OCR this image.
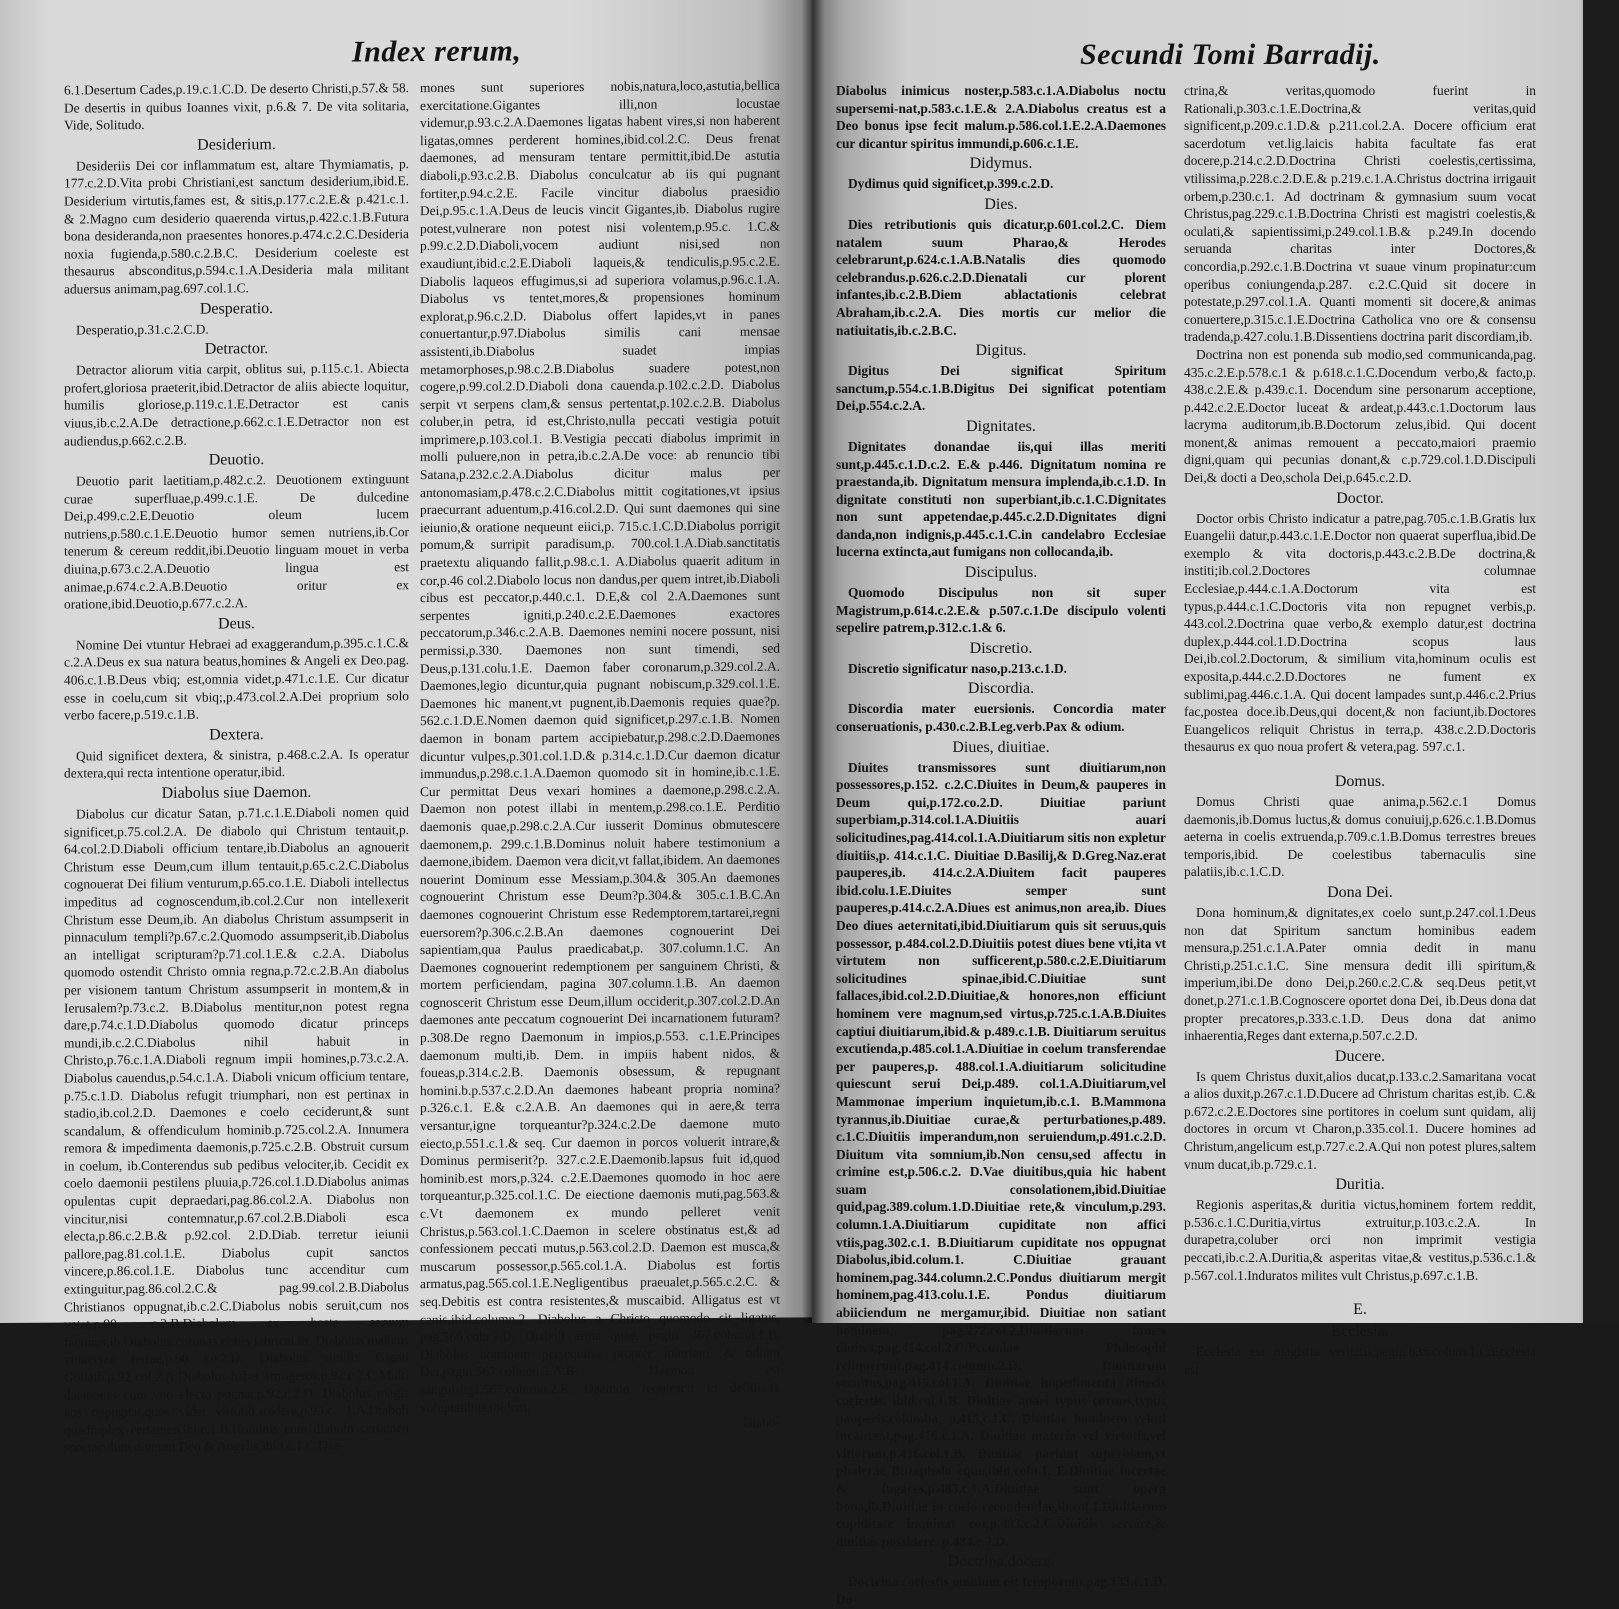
Index rerum,

6.1.Desertum Cades,p.19.c.1.C.D. De deserto Christi,p.57.& 58. De desertis in quibus Ioannes vixit, p.6.& 7. De vita solitaria, Vide, Solitudo.

Desiderium.

Desideriis Dei cor inflammatum est, altare Thymiamatis, p. 177.c.2.D.Vita probi Christiani,est sanctum desiderium,ibid.E. Desiderium virtutis,fames est, & sitis,p.177.c.2.E.& p.421.c.1. & 2.Magno cum desiderio quaerenda virtus,p.422.c.1.B.Futura bona desideranda,non praesentes honores.p.474.c.2.C.Desideria noxia fugienda,p.580.c.2.B.C. Desiderium coeleste est thesaurus absconditus,p.594.c.1.A.Desideria mala militant aduersus animam,pag.697.col.1.C.

Desperatio.

Desperatio,p.31.c.2.C.D.

Detractor.

Detractor aliorum vitia carpit, oblitus sui, p.115.c.1. Abiecta profert,gloriosa praeterit,ibid.Detractor de aliis abiecte loquitur, humilis gloriose,p.119.c.1.E.Detractor est canis viuus,ib.c.2.A.De detractione,p.662.c.1.E.Detractor non est audiendus,p.662.c.2.B.

Deuotio.

Deuotio parit laetitiam,p.482.c.2. Deuotionem extinguunt curae superfluae,p.499.c.1.E. De dulcedine Dei,p.499.c.2.E.Deuotio oleum lucem nutriens,p.580.c.1.E.Deuotio humor semen nutriens,ib.Cor tenerum & cereum reddit,ibi.Deuotio linguam mouet in verba diuina,p.673.c.2.A.Deuotio lingua est animae,p.674.c.2.A.B.Deuotio oritur ex oratione,ibid.Deuotio,p.677.c.2.A.

Deus.

Nomine Dei vtuntur Hebraei ad exaggerandum,p.395.c.1.C.& c.2.A.Deus ex sua natura beatus,homines & Angeli ex Deo.pag. 406.c.1.B.Deus vbiq; est,omnia videt,p.471.c.1.E. Cur dicatur esse in coelu,cum sit vbiq;,p.473.col.2.A.Dei proprium solo verbo facere,p.519.c.1.B.

Dextera.

Quid significet dextera, & sinistra, p.468.c.2.A. Is operatur dextera,qui recta intentione operatur,ibid.

Diabolus siue Daemon.

Diabolus cur dicatur Satan, p.71.c.1.E.Diaboli nomen quid significet,p.75.col.2.A. De diabolo qui Christum tentauit,p. 64.col.2.D.Diaboli officium tentare,ib.Diabolus an agnouerit Christum esse Deum,cum illum tentauit,p.65.c.2.C.Diabolus cognouerat Dei filium venturum,p.65.co.1.E. Diaboli intellectus impeditus ad cognoscendum,ib.col.2.Cur non intellexerit Christum esse Deum,ib. An diabolus Christum assumpserit in pinnaculum templi?p.67.c.2.Quomodo assumpserit,ib.Diabolus an intelligat scripturam?p.71.col.1.E.& c.2.A. Diabolus quomodo ostendit Christo omnia regna,p.72.c.2.B.An diabolus per visionem tantum Christum assumpserit in montem,& in Ierusalem?p.73.c.2. B.Diabolus mentitur,non potest regna dare,p.74.c.1.D.Diabolus quomodo dicatur princeps mundi,ib.c.2.C.Diabolus nihil habuit in Christo,p.76.c.1.A.Diaboli regnum impii homines,p.73.c.2.A. Diabolus cauendus,p.54.c.1.A. Diaboli vnicum officium tentare, p.75.c.1.D. Diabolus refugit triumphari, non est pertinax in stadio,ib.col.2.D. Daemones e coelo ceciderunt,& sunt scandalum, & offendiculum hominib.p.725.col.2.A. Innumera remora & impedimenta daemonis,p.725.c.2.B. Obstruit cursum in coelum, ib.Conterendus sub pedibus velociter,ib. Cecidit ex coelo daemonii pestilens pluuia,p.726.col.1.D.Diabolus animas opulentas cupit depraedari,pag.86.col.2.A. Diabolus non vincitur,nisi contemnatur,p.67.col.2.B.Diaboli esca electa,p.86.c.2.B.& p.92.col. 2.D.Diab. terretur ieiunii pallore,pag.81.col.1.E. Diabolus cupit sanctos vincere,p.86.col.1.E. Diabolus tunc accenditur cum extinguitur,pag.86.col.2.C.& pag.99.col.2.B.Diabolus Christianos oppugnat,ib.c.2.C.Diabolus nobis seruit,cum nos vetat,p.90. c.2.B.Diabolum ex hoste seruum facimus,ib.Diabolus coronas nobis fabricat,ib. Diabolus malleus vniuersae terrae,p.90 co.2.D. Diabolus similis Gigati Goliath,p.92 col.2.A.Diabolus habet armigeros,p.92.c.2.C.Multi daemones cum vno electo pugnat,p.92.c.2.D. Diabolus magis eos oppugnat,quos videt virtutib.studere,p.93.c. 1.A.Diaboli quadruplex certamen,ibi.c.1.B.Hominis cum diabolo certamen spectaculum dignum Deo & Angelis,ibid.c.1.C.Dae-

mones sunt superiores nobis,natura,loco,astutia,bellica exercitatione.Gigantes illi,non locustae videmur,p.93.c.2.A.Daemones ligatas habent vires,si non haberent ligatas,omnes perderent homines,ibid.col.2.C. Deus frenat daemones, ad mensuram tentare permittit,ibid.De astutia diaboli,p.93.c.2.B. Diabolus conculcatur ab iis qui pugnant fortiter,p.94.c.2.E. Facile vincitur diabolus praesidio Dei,p.95.c.1.A.Deus de leucis vincit Gigantes,ib. Diabolus rugire potest,vulnerare non potest nisi volentem,p.95.c. 1.C.& p.99.c.2.D.Diaboli,vocem audiunt nisi,sed non exaudiunt,ibid.c.2.E.Diaboli laqueis,& tendiculis,p.95.c.2.E. Diabolis laqueos effugimus,si ad superiora volamus,p.96.c.1.A. Diabolus vs tentet,mores,& propensiones hominum explorat,p.96.c.2.D. Diabolus offert lapides,vt in panes conuertantur,p.97.Diabolus similis cani mensae assistenti,ib.Diabolus suadet impias metamorphoses,p.98.c.2.B.Diabolus suadere potest,non cogere,p.99.col.2.D.Diaboli dona cauenda.p.102.c.2.D. Diabolus serpit vt serpens clam,& sensus pertentat,p.102.c.2.B. Diabolus coluber,in petra, id est,Christo,nulla peccati vestigia potuit imprimere,p.103.col.1. B.Vestigia peccati diabolus imprimit in molli puluere,non in petra,ib.c.2.A.De voce: ab renuncio tibi Satana,p.232.c.2.A.Diabolus dicitur malus per antonomasiam,p.478.c.2.C.Diabolus mittit cogitationes,vt ipsius praecurrant aduentum,p.416.col.2.D. Qui sunt daemones qui sine ieiunio,& oratione nequeunt eiici,p. 715.c.1.C.D.Diabolus porrigit pomum,& surripit paradisum,p. 700.col.1.A.Diab.sanctitatis praetextu aliquando fallit,p.98.c.1. A.Diabolus quaerit aditum in cor,p.46 col.2.Diabolo locus non dandus,per quem intret,ib.Diaboli cibus est peccator,p.440.c.1. D.E,& col 2.A.Daemones sunt serpentes igniti,p.240.c.2.E.Daemones exactores peccatorum,p.346.c.2.A.B. Daemones nemini nocere possunt, nisi permissi,p.330. Daemones non sunt timendi, sed Deus,p.131.colu.1.E. Daemon faber coronarum,p.329.col.2.A. Daemones,legio dicuntur,quia pugnant nobiscum,p.329.col.1.E. Daemones hic manent,vt pugnent,ib.Daemonis requies quae?p. 562.c.1.D.E.Nomen daemon quid significet,p.297.c.1.B. Nomen daemon in bonam partem accipiebatur,p.298.c.2.D.Daemones dicuntur vulpes,p.301.col.1.D.& p.314.c.1.D.Cur daemon dicatur immundus,p.298.c.1.A.Daemon quomodo sit in homine,ib.c.1.E. Cur permittat Deus vexari homines a daemone,p.298.c.2.A. Daemon non potest illabi in mentem,p.298.co.1.E. Perditio daemonis quae,p.298.c.2.A.Cur iusserit Dominus obmutescere daemonem,p. 299.c.1.B.Dominus noluit habere testimonium a daemone,ibidem. Daemon vera dicit,vt fallat,ibidem. An daemones nouerint Dominum esse Messiam,p.304.& 305.An daemones cognouerint Christum esse Deum?p.304.& 305.c.1.B.C.An daemones cognouerint Christum esse Redemptorem,tartarei,regni euersorem?p.306.c.2.B.An daemones cognouerint Dei sapientiam,qua Paulus praedicabat,p. 307.column.1.C. An Daemones cognouerint redemptionem per sanguinem Christi, & mortem perficiendam, pagina 307.column.1.B. An daemon cognoscerit Christum esse Deum,illum occiderit,p.307.col.2.D.An daemones ante peccatum cognouerint Dei incarnationem futuram?p.308.De regno Daemonum in impios,p.553. c.1.E.Principes daemonum multi,ib. Dem. in impiis habent nidos, & foueas,p.314.c.2.B. Daemonis obsessum, & repugnant homini.b.p.537.c.2.D.An daemones habeant propria nomina?p.326.c.1. E.& c.2.A.B. An daemones qui in aere,& terra versantur,igne torqueantur?p.324.c.2.De daemone muto eiecto,p.551.c.1.& seq. Cur daemon in porcos voluerit intrare,& Dominus permiserit?p. 327.c.2.E.Daemonib.lapsus fuit id,quod hominib.est mors,p.324. c.2.E.Daemones quomodo in hoc aere torqueantur,p.325.col.1.C. De eiectione daemonis muti,pag.563.& c.Vt daemonem ex mundo pelleret venit Christus,p.563.col.1.C.Daemon in scelere obstinatus est,& ad confessionem peccati mutus,p.563.col.2.D. Daemon est musca,& muscarum possessor,p.565.col.1.A. Diabolus est fortis armatus,pag.565.col.1.E.Negligentibus praeualet,p.565.c.2.C. & seq.Debitis est contra resistentes,& muscaibid. Alligatus est vt canis,ibid.column.2. Diabolus a Christo quomodo sit ligatus, pag.566.colu.2.D. Diaboli arma quae, pagin. 467.column.1.B. Diabolus hominem persequitur propter iniuriam, & odium Dei,pagin.567.column.2.A.B. Daemon est sanguisuga,567.column.2.E. Daemon requiescit in delitiis,& voluptatibus,ibidem.

Diabo-
Secundi Tomi Barradij.

Diabolus inimicus noster,p.583.c.1.A.Diabolus noctu supersemi-nat,p.583.c.1.E.& 2.A.Diabolus creatus est a Deo bonus ipse fecit malum.p.586.col.1.E.2.A.Daemones cur dicantur spiritus immundi,p.606.c.1.E.

Didymus.

Dydimus quid significet,p.399.c.2.D.

Dies.

Dies retributionis quis dicatur,p.601.col.2.C. Diem natalem suum Pharao,& Herodes celebrarunt,p.624.c.1.A.B.Natalis dies quomodo celebrandus.p.626.c.2.D.Dienatali cur plorent infantes,ib.c.2.B.Diem ablactationis celebrat Abraham,ib.c.2.A. Dies mortis cur melior die natiuitatis,ib.c.2.B.C.

Digitus.

Digitus Dei significat Spiritum sanctum,p.554.c.1.B.Digitus Dei significat potentiam Dei,p.554.c.2.A.

Dignitates.

Dignitates donandae iis,qui illas meriti sunt,p.445.c.1.D.c.2. E.& p.446. Dignitatum nomina re praestanda,ib. Dignitatum mensura implenda,ib.c.1.D. In dignitate constituti non superbiant,ib.c.1.C.Dignitates non sunt appetendae,p.445.c.2.D.Dignitates digni danda,non indignis,p.445.c.1.C.in candelabro Ecclesiae lucerna extincta,aut fumigans non collocanda,ib.

Discipulus.

Quomodo Discipulus non sit super Magistrum,p.614.c.2.E.& p.507.c.1.De discipulo volenti sepelire patrem,p.312.c.1.& 6.

Discretio.

Discretio significatur naso,p.213.c.1.D.

Discordia.

Discordia mater euersionis. Concordia mater conseruationis, p.430.c.2.B.Leg.verb.Pax & odium.

Diues, diuitiae.

Diuites transmissores sunt diuitiarum,non possessores,p.152. c.2.C.Diuites in Deum,& pauperes in Deum qui,p.172.co.2.D. Diuitiae pariunt superbiam,p.314.col.1.A.Diuitiis auari solicitudines,pag.414.col.1.A.Diuitiarum sitis non expletur diuitiis,p. 414.c.1.C. Diuitiae D.Basilij,& D.Greg.Naz.erat pauperes,ib. 414.c.2.A.Diuitem facit pauperes ibid.colu.1.E.Diuites semper sunt pauperes,p.414.c.2.A.Diues est animus,non area,ib. Diues Deo diues aeternitati,ibid.Diuitiarum quis sit seruus,quis possessor, p.484.col.2.D.Diuitiis potest diues bene vti,ita vt virtutem non sufficerent,p.580.c.2.E.Diuitiarum solicitudines spinae,ibid.C.Diuitiae sunt fallaces,ibid.col.2.D.Diuitiae,& honores,non efficiunt hominem vere magnum,sed virtus,p.725.c.1.A.B.Diuites captiui diuitiarum,ibid.& p.489.c.1.B. Diuitiarum seruitus excutienda,p.485.col.1.A.Diuitiae in coelum transferendae per pauperes,p. 488.col.1.A.diuitiarum solicitudine quiescunt serui Dei,p.489. col.1.A.Diuitiarum,vel Mammonae imperium inquietum,ib.c.1. B.Mammona tyrannus,ib.Diuitiae curae,& perturbationes,p.489. c.1.C.Diuitiis imperandum,non seruiendum,p.491.c.2.D. Diuitum vita somnium,ib.Non censu,sed affectu in crimine est,p.506.c.2. D.Vae diuitibus,quia hic habent suam consolationem,ibid.Diuitiae quid,pag.389.colum.1.D.Diuitiae rete,& vinculum,p.293. column.1.A.Diuitiarum cupiditate non affici vtiis,pag.302.c.1. B.Diuitiarum cupiditate nos oppugnat Diabolus,ibid.colum.1. C.Diuitiae grauant hominem,pag.344.column.2.C.Pondus diuitiarum mergit hominem,pag.413.colu.1.E. Pondus diuitiarum abiiciendum ne mergamur,ibid. Diuitiae non satiant hominem, pag.272.col.2.Diuitiarum fames diuites,pag.414.col.2.C.Pecuniae Philosophi reliquerunt,pag.414.column.2.D. Diuitiarum seruitus,pag.415.col.1.A. Diuitiae impedimenta itineris coelestis, ibid.col.1.B. Diuitiae auari typus coruus,typus pauperis,columba, p.415.c.1.C. Diuitiae hominem veluti incantant,pag.416.c.1.A. Diuitiae materia vel virtutis,vel vitiorum,p.416.col.1.B. Diuitiae pariunt superbiam,vt phalerae Buzephalo equo,ibid.colu.1. E.Diuitiae incertae & fugaces,p.483.c.1.A.Diuitiae sunt opera bona,ib.Diuitiae in coelo recondendae,ib.col.1.Diuitiarum cupiditate inquinat cor,p.483.c.2.C.Diuitiis seruire,& diuitias possidere, p.484.c.2.D.

Doctrina,docere.

Doctrina coelestis omnium est temporum,pag.133.c.1.D. Do-

ctrina,& veritas,quomodo fuerint in Rationali,p.303.c.1.E.Doctrina,& veritas,quid significent,p.209.c.1.D.& p.211.col.2.A. Docere officium erat sacerdotum vet.lig.laicis habita facultate fas erat docere,p.214.c.2.D.Doctrina Christi coelestis,certissima, vtilissima,p.228.c.2.D.E.& p.219.c.1.A.Christus doctrina irrigauit orbem,p.230.c.1. Ad doctrinam & gymnasium suum vocat Christus,pag.229.c.1.B.Doctrina Christi est magistri coelestis,& oculati,& sapientissimi,p.249.col.1.B.& p.249.In docendo seruanda charitas inter Doctores,& concordia,p.292.c.1.B.Doctrina vt suaue vinum propinatur:cum operibus coniungenda,p.287. c.2.C.Quid sit docere in potestate,p.297.col.1.A. Quanti momenti sit docere,& animas conuertere,p.315.c.1.E.Doctrina Catholica vno ore & consensu tradenda,p.427.colu.1.B.Dissentiens doctrina parit discordiam,ib.

Doctrina non est ponenda sub modio,sed communicanda,pag. 435.c.2.E.p.578.c.1 & p.618.c.1.C.Docendum verbo,& facto,p. 438.c.2.E.& p.439.c.1. Docendum sine personarum acceptione, p.442.c.2.E.Doctor luceat & ardeat,p.443.c.1.Doctorum laus lacryma auditorum,ib.B.Doctorum zelus,ibid. Qui docent monent,& animas remouent a peccato,maiori praemio digni,quam qui pecunias donant,& c.p.729.col.1.D.Discipuli Dei,& docti a Deo,schola Dei,p.645.c.2.D.

Doctor.

Doctor orbis Christo indicatur a patre,pag.705.c.1.B.Gratis lux Euangelii datur,p.443.c.1.E.Doctor non quaerat superflua,ibid.De exemplo & vita doctoris,p.443.c.2.B.De doctrina,& institi;ib.col.2.Doctores columnae Ecclesiae,p.444.c.1.A.Doctorum vita est typus,p.444.c.1.C.Doctoris vita non repugnet verbis,p. 443.col.2.Doctrina quae verbo,& exemplo datur,est doctrina duplex,p.444.col.1.D.Doctrina scopus laus Dei,ib.col.2.Doctorum, & similium vita,hominum oculis est exposita,p.444.c.2.D.Doctores ne fument ex sublimi,pag.446.c.1.A. Qui docent lampades sunt,p.446.c.2.Prius fac,postea doce.ib.Deus,qui docent,& non faciunt,ib.Doctores Euangelicos reliquit Christus in terra,p. 438.c.2.D.Doctoris thesaurus ex quo noua profert & vetera,pag. 597.c.1.

Domus.

Domus Christi quae anima,p.562.c.1 Domus daemonis,ib.Domus luctus,& domus conuiuij,p.626.c.1.B.Domus aeterna in coelis extruenda,p.709.c.1.B.Domus terrestres breues temporis,ibid. De coelestibus tabernaculis sine palatiis,ib.c.1.C.D.

Dona Dei.

Dona hominum,& dignitates,ex coelo sunt,p.247.col.1.Deus non dat Spiritum sanctum hominibus eadem mensura,p.251.c.1.A.Pater omnia dedit in manu Christi,p.251.c.1.C. Sine mensura dedit illi spiritum,& imperium,ibi.De dono Dei,p.260.c.2.C.& seq.Deus petit,vt donet,p.271.c.1.B.Cognoscere oportet dona Dei, ib.Deus dona dat propter precatores,p.333.c.1.D. Deus dona dat animo inhaerentia,Reges dant externa,p.507.c.2.D.

Ducere.

Is quem Christus duxit,alios ducat,p.133.c.2.Samaritana vocat a alios duxit,p.267.c.1.D.Ducere ad Christum charitas est,ib. C.& p.672.c.2.E.Doctores sine portitores in coelum sunt quidam, alij doctores in orcum vt Charon,p.335.col.1. Ducere homines ad Christum,angelicum est,p.727.c.2.A.Qui non potest plures,saltem vnum ducat,ib.p.729.c.1.

Duritia.

Regionis asperitas,& duritia victus,hominem fortem reddit, p.536.c.1.C.Duritia,virtus extruitur,p.103.c.2.A. In durapetra,coluber orci non imprimit vestigia peccati,ib.c.2.A.Duritia,& asperitas vitae,& vestitus,p.536.c.1.& p.567.col.1.Induratos milites vult Christus,p.697.c.1.B.

E.
Ecclesia.

Ecclesia est magistra veritatis,pagin.635.colum.1.C.Ecclesia est
